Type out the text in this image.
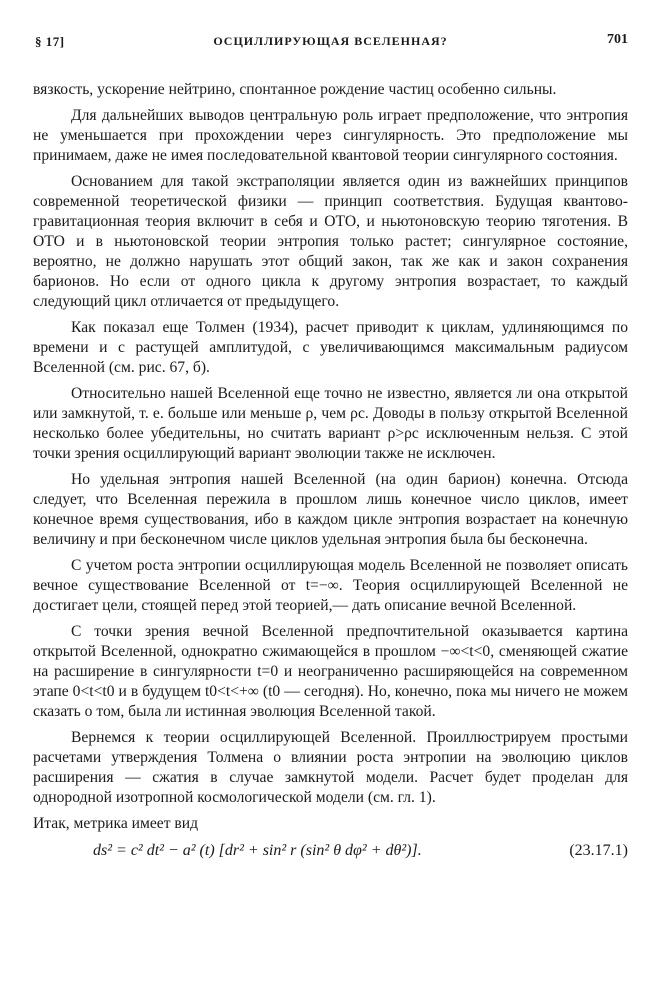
§ 17]	ОСЦИЛЛИРУЮЩАЯ ВСЕЛЕННАЯ?	701

вязкость, ускорение нейтрино, спонтанное рождение частиц особенно сильны.

Для дальнейших выводов центральную роль играет предположение, что энтропия не уменьшается при прохождении через сингулярность. Это предположение мы принимаем, даже не имея последовательной квантовой теории сингулярного состояния.

Основанием для такой экстраполяции является один из важнейших принципов современной теоретической физики — принцип соответствия. Будущая квантово-гравитационная теория включит в себя и ОТО, и ньютоновскую теорию тяготения. В ОТО и в ньютоновской теории энтропия только растет; сингулярное состояние, вероятно, не должно нарушать этот общий закон, так же как и закон сохранения барионов. Но если от одного цикла к другому энтропия возрастает, то каждый следующий цикл отличается от предыдущего.

Как показал еще Толмен (1934), расчет приводит к циклам, удлиняющимся по времени и с растущей амплитудой, с увеличивающимся максимальным радиусом Вселенной (см. рис. 67, б).

Относительно нашей Вселенной еще точно не известно, является ли она открытой или замкнутой, т. е. больше или меньше ρ, чем ρc. Доводы в пользу открытой Вселенной несколько более убедительны, но считать вариант ρ>ρc исключенным нельзя. С этой точки зрения осциллирующий вариант эволюции также не исключен.

Но удельная энтропия нашей Вселенной (на один барион) конечна. Отсюда следует, что Вселенная пережила в прошлом лишь конечное число циклов, имеет конечное время существования, ибо в каждом цикле энтропия возрастает на конечную величину и при бесконечном числе циклов удельная энтропия была бы бесконечна.

С учетом роста энтропии осциллирующая модель Вселенной не позволяет описать вечное существование Вселенной от t=−∞. Теория осциллирующей Вселенной не достигает цели, стоящей перед этой теорией,— дать описание вечной Вселенной.

С точки зрения вечной Вселенной предпочтительной оказывается картина открытой Вселенной, однократно сжимающейся в прошлом −∞<t<0, сменяющей сжатие на расширение в сингулярности t=0 и неограниченно расширяющейся на современном этапе 0<t<t0 и в будущем t0<t<+∞ (t0 — сегодня). Но, конечно, пока мы ничего не можем сказать о том, была ли истинная эволюция Вселенной такой.

Вернемся к теории осциллирующей Вселенной. Проиллюстрируем простыми расчетами утверждения Толмена о влиянии роста энтропии на эволюцию циклов расширения — сжатия в случае замкнутой модели. Расчет будет проделан для однородной изотропной космологической модели (см. гл. 1).

Итак, метрика имеет вид

ds² = c² dt² − a² (t) [dr² + sin² r (sin² θ dφ² + dθ²)].	(23.17.1)
